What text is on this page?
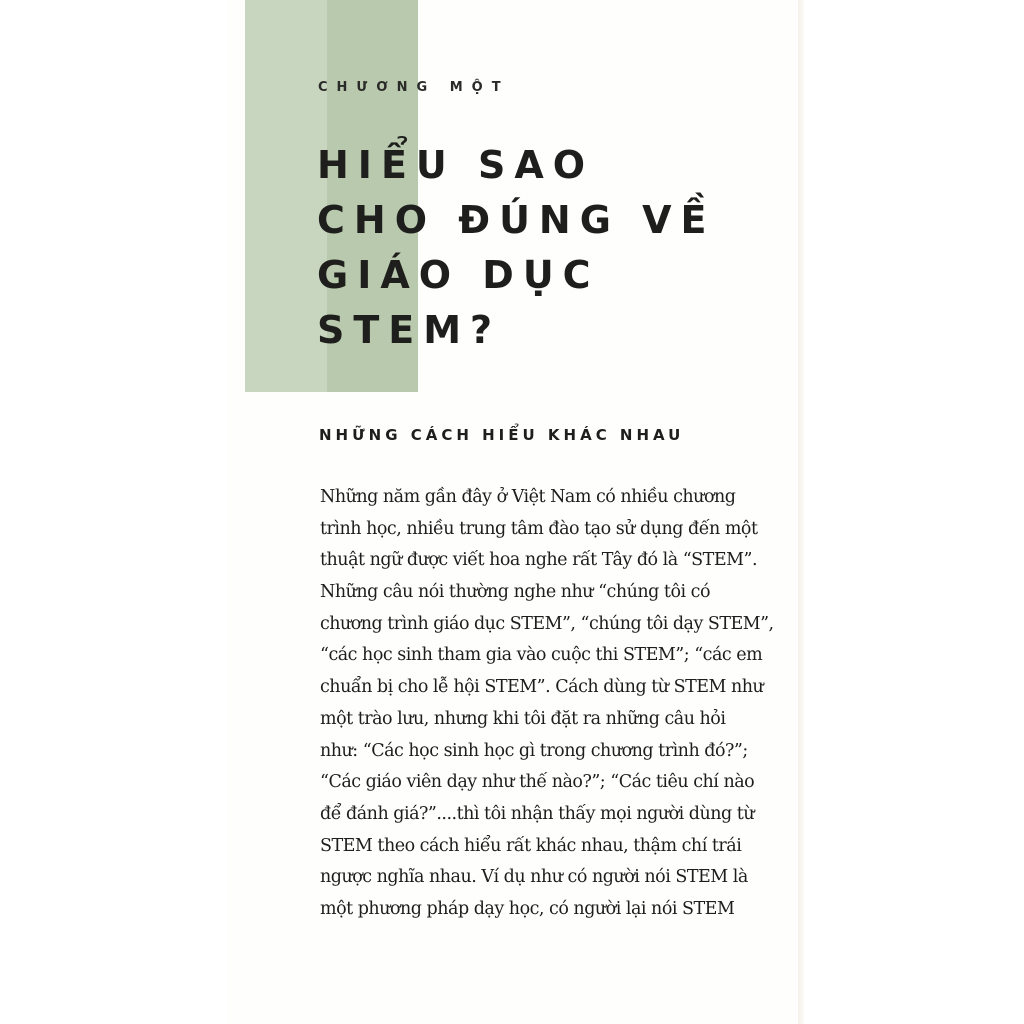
CHƯƠNG MỘT
HIỂU SAO
CHO ĐÚNG VỀ
GIÁO DỤC
STEM?
NHỮNG CÁCH HIỂU KHÁC NHAU
Những năm gần đây ở Việt Nam có nhiều chương
trình học, nhiều trung tâm đào tạo sử dụng đến một
thuật ngữ được viết hoa nghe rất Tây đó là “STEM”.
Những câu nói thường nghe như “chúng tôi có
chương trình giáo dục STEM”, “chúng tôi dạy STEM”,
“các học sinh tham gia vào cuộc thi STEM”; “các em
chuẩn bị cho lễ hội STEM”. Cách dùng từ STEM như
một trào lưu, nhưng khi tôi đặt ra những câu hỏi
như: “Các học sinh học gì trong chương trình đó?”;
“Các giáo viên dạy như thế nào?”; “Các tiêu chí nào
để đánh giá?”....thì tôi nhận thấy mọi người dùng từ
STEM theo cách hiểu rất khác nhau, thậm chí trái
ngược nghĩa nhau. Ví dụ như có người nói STEM là
một phương pháp dạy học, có người lại nói STEM
